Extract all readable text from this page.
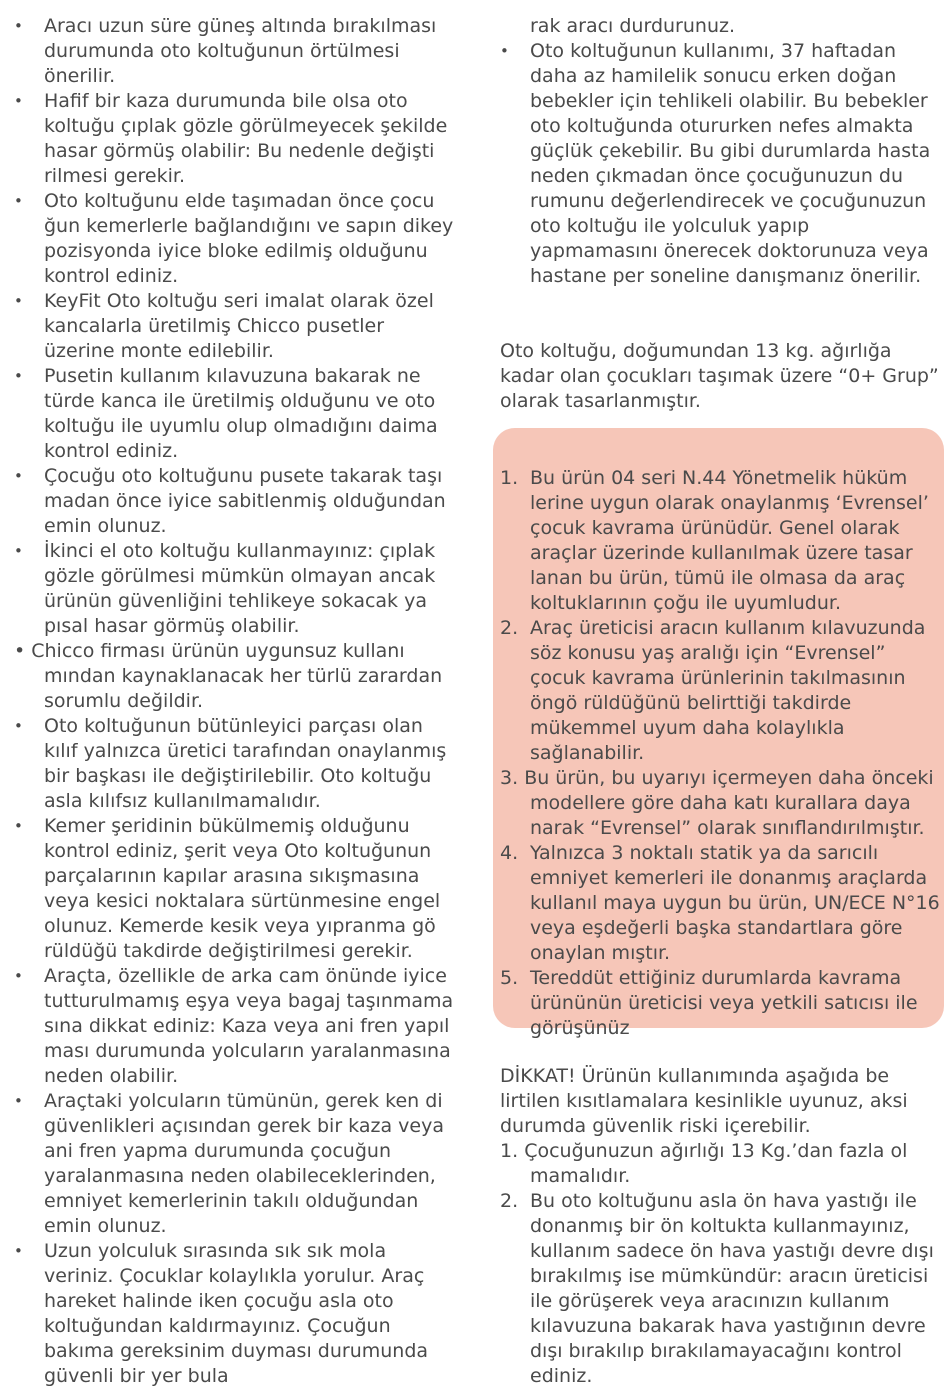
• Aracı uzun süre güneş altında bırakılması durumunda oto koltuğunun örtülmesi önerilir.
• Hafif bir kaza durumunda bile olsa oto koltuğu çıplak gözle görülmeyecek şekilde hasar görmüş olabilir: Bu nedenle değişti rilmesi gerekir.
• Oto koltuğunu elde taşımadan önce çocu ğun kemerlerle bağlandığını ve sapın dikey pozisyonda iyice bloke edilmiş olduğunu kontrol ediniz.
• KeyFit Oto koltuğu seri imalat olarak özel kancalarla üretilmiş Chicco pusetler üzerine monte edilebilir.
• Pusetin kullanım kılavuzuna bakarak ne türde kanca ile üretilmiş olduğunu ve oto koltuğu ile uyumlu olup olmadığını daima kontrol ediniz.
• Çocuğu oto koltuğunu pusete takarak taşı madan önce iyice sabitlenmiş olduğundan emin olunuz.
• İkinci el oto koltuğu kullanmayınız: çıplak gözle görülmesi mümkün olmayan ancak ürünün güvenliğini tehlikeye sokacak ya pısal hasar görmüş olabilir.
• Chicco firması ürünün uygunsuz kullanı
mından kaynaklanacak her türlü zarardan sorumlu değildir.
• Oto koltuğunun bütünleyici parçası olan kılıf yalnızca üretici tarafından onaylanmış bir başkası ile değiştirilebilir. Oto koltuğu asla kılıfsız kullanılmamalıdır.
• Kemer şeridinin bükülmemiş olduğunu kontrol ediniz, şerit veya Oto koltuğunun parçalarının kapılar arasına sıkışmasına veya kesici noktalara sürtünmesine engel olunuz. Kemerde kesik veya yıpranma gö rüldüğü takdirde değiştirilmesi gerekir.
• Araçta, özellikle de arka cam önünde iyice tutturulmamış eşya veya bagaj taşınmama sına dikkat ediniz: Kaza veya ani fren yapıl ması durumunda yolcuların yaralanmasına neden olabilir.
• Araçtaki yolcuların tümünün, gerek ken di güvenlikleri açısından gerek bir kaza veya ani fren yapma durumunda çocuğun yaralanmasına neden olabileceklerinden, emniyet kemerlerinin takılı olduğundan emin olunuz.
• Uzun yolculuk sırasında sık sık mola veriniz. Çocuklar kolaylıkla yorulur. Araç hareket halinde iken çocuğu asla oto koltuğundan kaldırmayınız. Çocuğun bakıma gereksinim duyması durumunda güvenli bir yer bula
rak aracı durdurunuz.
• Oto koltuğunun kullanımı, 37 haftadan daha az hamilelik sonucu erken doğan bebekler için tehlikeli olabilir. Bu bebekler oto koltuğunda otururken nefes almakta güçlük çekebilir. Bu gibi durumlarda hasta neden çıkmadan önce çocuğunuzun du rumunu değerlendirecek ve çocuğunuzun oto koltuğu ile yolculuk yapıp yapmamasını önerecek doktorunuza veya hastane per soneline danışmanız önerilir.

Oto koltuğu, doğumundan 13 kg. ağırlığa kadar olan çocukları taşımak üzere “0+ Grup” olarak tasarlanmıştır.

1. Bu ürün 04 seri N.44 Yönetmelik hüküm lerine uygun olarak onaylanmış ‘Evrensel’ çocuk kavrama ürünüdür. Genel olarak araçlar üzerinde kullanılmak üzere tasar lanan bu ürün, tümü ile olmasa da araç koltuklarının çoğu ile uyumludur.
2. Araç üreticisi aracın kullanım kılavuzunda söz konusu yaş aralığı için “Evrensel” çocuk kavrama ürünlerinin takılmasının öngö rüldüğünü belirttiği takdirde mükemmel uyum daha kolaylıkla sağlanabilir.
3. Bu ürün, bu uyarıyı içermeyen daha önceki
modellere göre daha katı kurallara daya narak “Evrensel” olarak sınıflandırılmıştır.
4. Yalnızca 3 noktalı statik ya da sarıcılı emniyet kemerleri ile donanmış araçlarda kullanıl maya uygun bu ürün, UN/ECE N°16 veya eşdeğerli başka standartlara göre onaylan mıştır.
5. Tereddüt ettiğiniz durumlarda kavrama ürününün üreticisi veya yetkili satıcısı ile görüşünüz

DİKKAT! Ürünün kullanımında aşağıda be lirtilen kısıtlamalara kesinlikle uyunuz, aksi durumda güvenlik riski içerebilir.

1. Çocuğunuzun ağırlığı 13 Kg.’dan fazla ol
mamalıdır.
2. Bu oto koltuğunu asla ön hava yastığı ile donanmış bir ön koltukta kullanmayınız, kullanım sadece ön hava yastığı devre dışı bırakılmış ise mümkündür: aracın üreticisi ile görüşerek veya aracınızın kullanım kılavuzuna bakarak hava yastığının devre dışı bırakılıp bırakılamayacağını kontrol ediniz.
